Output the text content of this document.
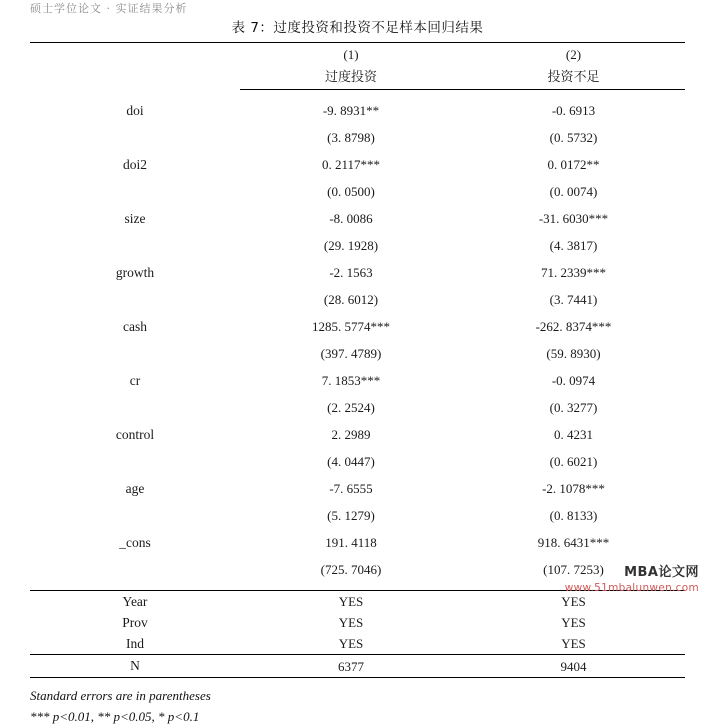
硕士学位论文 · 实证结果分析
表 7：过度投资和投资不足样本回归结果
	(1)	(2)
	过度投资	投资不足

doi	-9. 8931**	-0. 6913
	(3. 8798)	(0. 5732)
doi2	0. 2117***	0. 0172**
	(0. 0500)	(0. 0074)
size	-8. 0086	-31. 6030***
	(29. 1928)	(4. 3817)
growth	-2. 1563	71. 2339***
	(28. 6012)	(3. 7441)
cash	1285. 5774***	-262. 8374***
	(397. 4789)	(59. 8930)
cr	7. 1853***	-0. 0974
	(2. 2524)	(0. 3277)
control	2. 2989	0. 4231
	(4. 0447)	(0. 6021)
age	-7. 6555	-2. 1078***
	(5. 1279)	(0. 8133)
_cons	191. 4118	918. 6431***
	(725. 7046)	(107. 7253)

Year	YES	YES
Prov	YES	YES
Ind	YES	YES
N	6377	9404
Standard errors are in parentheses
*** p<0.01, ** p<0.05, * p<0.1
MBA论文网
www.51mbalunwen.com
